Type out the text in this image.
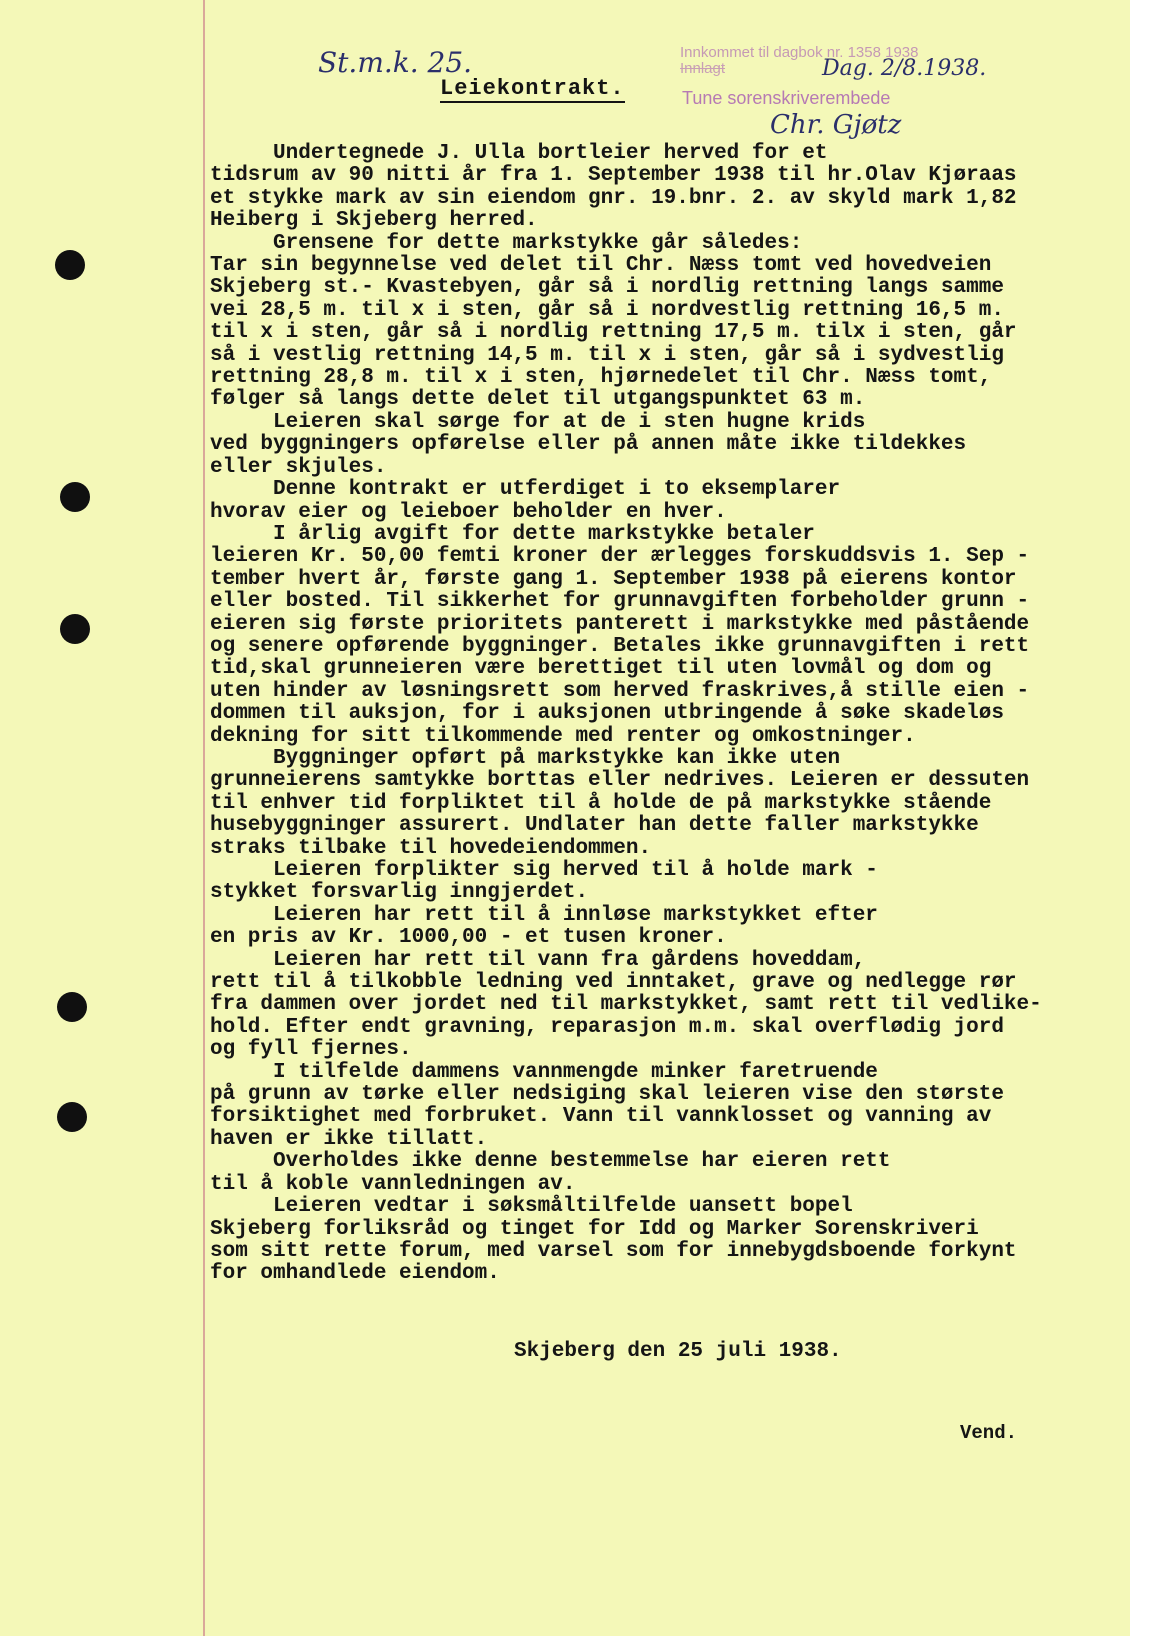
St.m.k. 25.	Innkommet til dagbok nr. 1358 1938
Innlagt
Tune sorenskriverembede
Dag. 2/8.1938.
Chr. Gjøtz
Leiekontrakt.
Undertegnede J. Ulla bortleier herved for et
tidsrum av 90 nitti år fra 1. September 1938 til hr.Olav Kjøraas
et stykke mark av sin eiendom gnr. 19.bnr. 2. av skyld mark 1,82
Heiberg i Skjeberg herred.
Grensene for dette markstykke går således:
Tar sin begynnelse ved delet til Chr. Næss tomt ved hovedveien
Skjeberg st.- Kvastebyen, går så i nordlig rettning langs samme
vei 28,5 m. til x i sten, går så i nordvestlig rettning 16,5 m.
til x i sten, går så i nordlig rettning 17,5 m. tilx i sten, går
så i vestlig rettning 14,5 m. til x i sten, går så i sydvestlig
rettning 28,8 m. til x i sten, hjørnedelet til Chr. Næss tomt,
følger så langs dette delet til utgangspunktet 63 m.
Leieren skal sørge for at de i sten hugne krids
ved byggningers opførelse eller på annen måte ikke tildekkes
eller skjules.
Denne kontrakt er utferdiget i to eksemplarer
hvorav eier og leieboer beholder en hver.
I årlig avgift for dette markstykke betaler
leieren Kr. 50,00 femti kroner der ærlegges forskuddsvis 1. Sep -
tember hvert år, første gang 1. September 1938 på eierens kontor
eller bosted. Til sikkerhet for grunnavgiften forbeholder grunn -
eieren sig første prioritets panterett i markstykke med påstående
og senere opførende byggninger. Betales ikke grunnavgiften i rett
tid,skal grunneieren være berettiget til uten lovmål og dom og
uten hinder av løsningsrett som herved fraskrives,å stille eien -
dommen til auksjon, for i auksjonen utbringende å søke skadeløs
dekning for sitt tilkommende med renter og omkostninger.
Byggninger opført på markstykke kan ikke uten
grunneierens samtykke borttas eller nedrives. Leieren er dessuten
til enhver tid forpliktet til å holde de på markstykke stående
husebyggninger assurert. Undlater han dette faller markstykke
straks tilbake til hovedeiendommen.
Leieren forplikter sig herved til å holde mark -
stykket forsvarlig inngjerdet.
Leieren har rett til å innløse markstykket efter
en pris av Kr. 1000,00 - et tusen kroner.
Leieren har rett til vann fra gårdens hoveddam,
rett til å tilkobble ledning ved inntaket, grave og nedlegge rør
fra dammen over jordet ned til markstykket, samt rett til vedlike-
hold. Efter endt gravning, reparasjon m.m. skal overflødig jord
og fyll fjernes.
I tilfelde dammens vannmengde minker faretruende
på grunn av tørke eller nedsiging skal leieren vise den største
forsiktighet med forbruket. Vann til vannklosset og vanning av
haven er ikke tillatt.
Overholdes ikke denne bestemmelse har eieren rett
til å koble vannledningen av.
Leieren vedtar i søksmåltilfelde uansett bopel
Skjeberg forliksråd og tinget for Idd og Marker Sorenskriveri
som sitt rette forum, med varsel som for innebygdsboende forkynt
for omhandlede eiendom.
Skjeberg den 25 juli 1938.
Vend.
